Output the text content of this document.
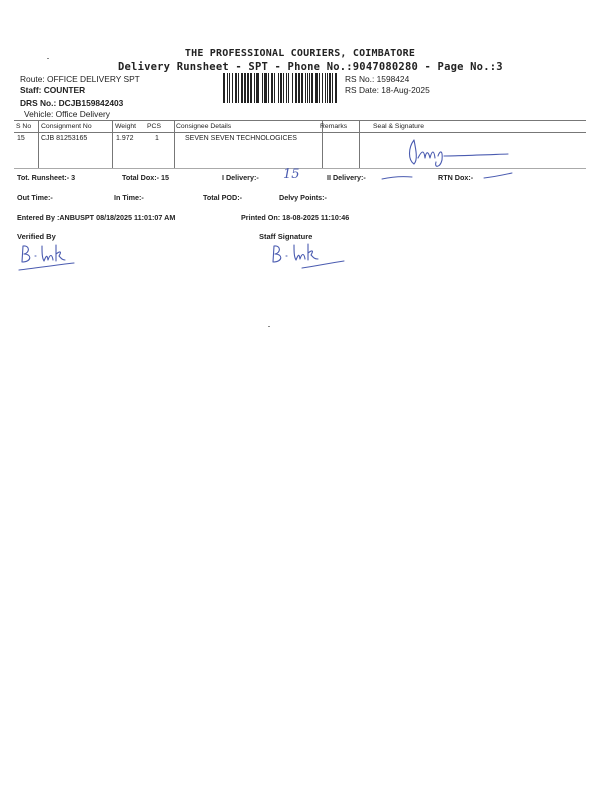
THE PROFESSIONAL COURIERS, COIMBATORE
Delivery Runsheet - SPT - Phone No.:9047080280 - Page No.:3
Route: OFFICE DELIVERY SPT
Staff: COUNTER
DRS No.: DCJB159842403
Vehicle: Office Delivery
RS No.: 1598424
RS Date: 18-Aug-2025
S No Consignment No	Weight PCS Consignee Details	Remarks	Seal & Signature
15 CJB 81253165	1.972	1	SEVEN SEVEN TECHNOLOGICES
Tot. Runsheet:- 3	Total Dox:- 15	I Delivery:- 15	II Delivery:-	RTN Dox:-
Out Time:-	In Time:-	Total POD:-	Delvy Points:-
Entered By :ANBUSPT 08/18/2025 11:01:07 AM	Printed On: 18-08-2025 11:10:46
Verified By	Staff Signature
